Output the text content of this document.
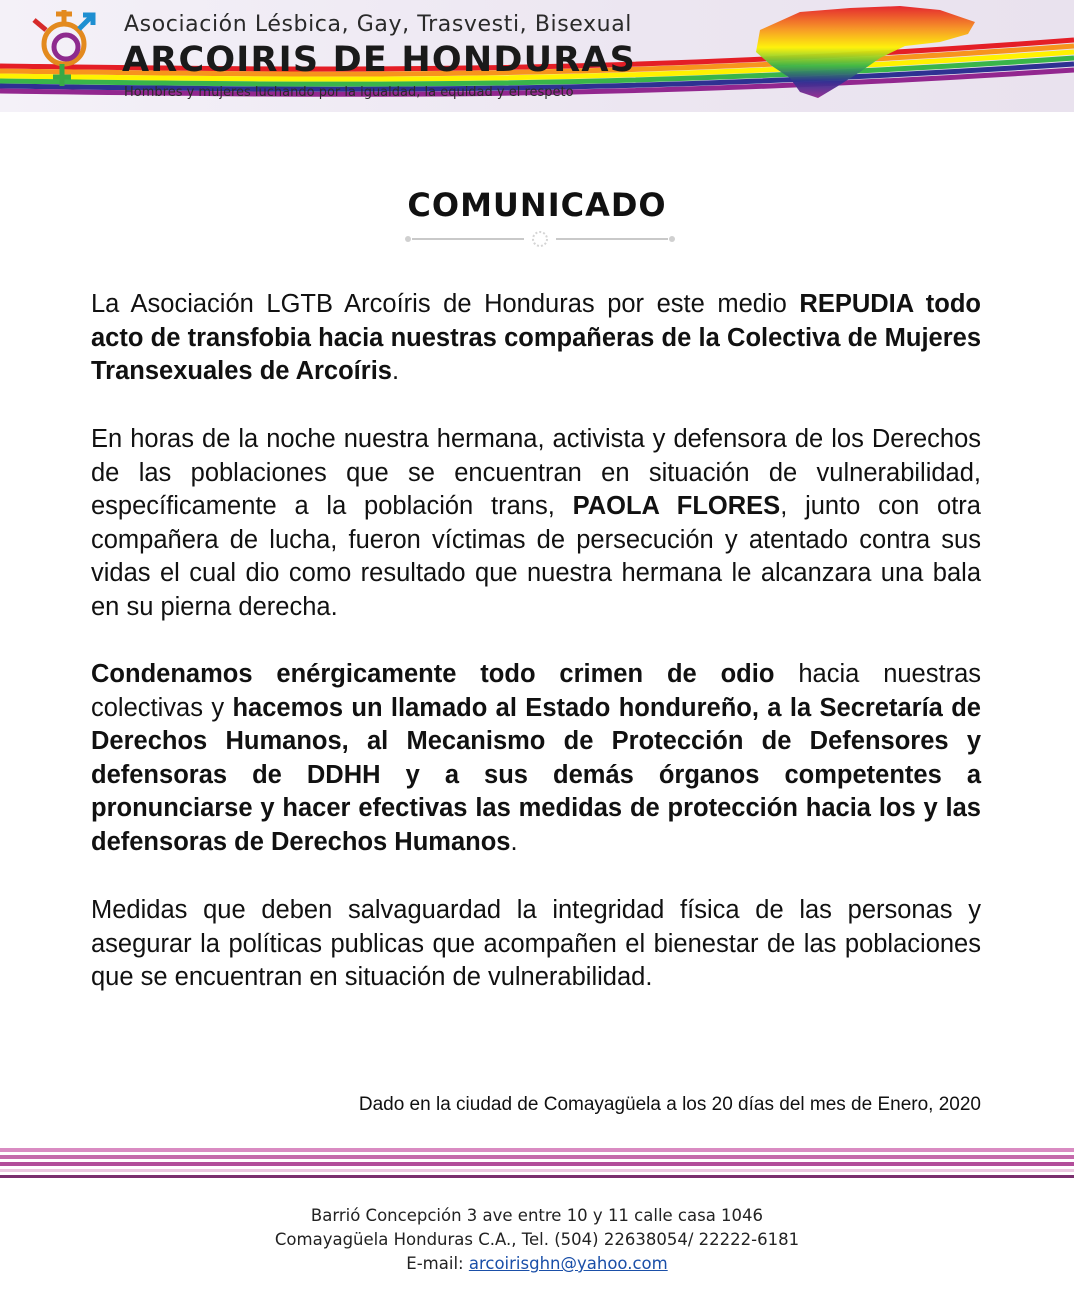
Asociación Lésbica, Gay, Trasvesti, Bisexual
ARCOIRIS DE HONDURAS
Hombres y mujeres luchando por la igualdad, la equidad y el respeto
COMUNICADO
La Asociación LGTB Arcoíris de Honduras por este medio REPUDIA todo acto de transfobia hacia nuestras compañeras de la Colectiva de Mujeres Transexuales de Arcoíris.
En horas de la noche nuestra hermana, activista y defensora de los Derechos de las poblaciones que se encuentran en situación de vulnerabilidad, específicamente a la población trans, PAOLA FLORES, junto con otra compañera de lucha, fueron víctimas de persecución y atentado contra sus vidas el cual dio como resultado que nuestra hermana le alcanzara una bala en su pierna derecha.
Condenamos enérgicamente todo crimen de odio hacia nuestras colectivas y hacemos un llamado al Estado hondureño, a la Secretaría de Derechos Humanos, al Mecanismo de Protección de Defensores y defensoras de DDHH y a sus demás órganos competentes a pronunciarse y hacer efectivas las medidas de protección hacia los y las defensoras de Derechos Humanos.
Medidas que deben salvaguardad la integridad física de las personas y asegurar la políticas publicas que acompañen el bienestar de las poblaciones que se encuentran en situación de vulnerabilidad.
Dado en la ciudad de Comayagüela a los 20 días del mes de Enero, 2020
Barrió Concepción 3 ave entre 10 y 11 calle casa 1046
Comayagüela Honduras C.A., Tel. (504) 22638054/ 22222-6181
E-mail: arcoirisghn@yahoo.com
